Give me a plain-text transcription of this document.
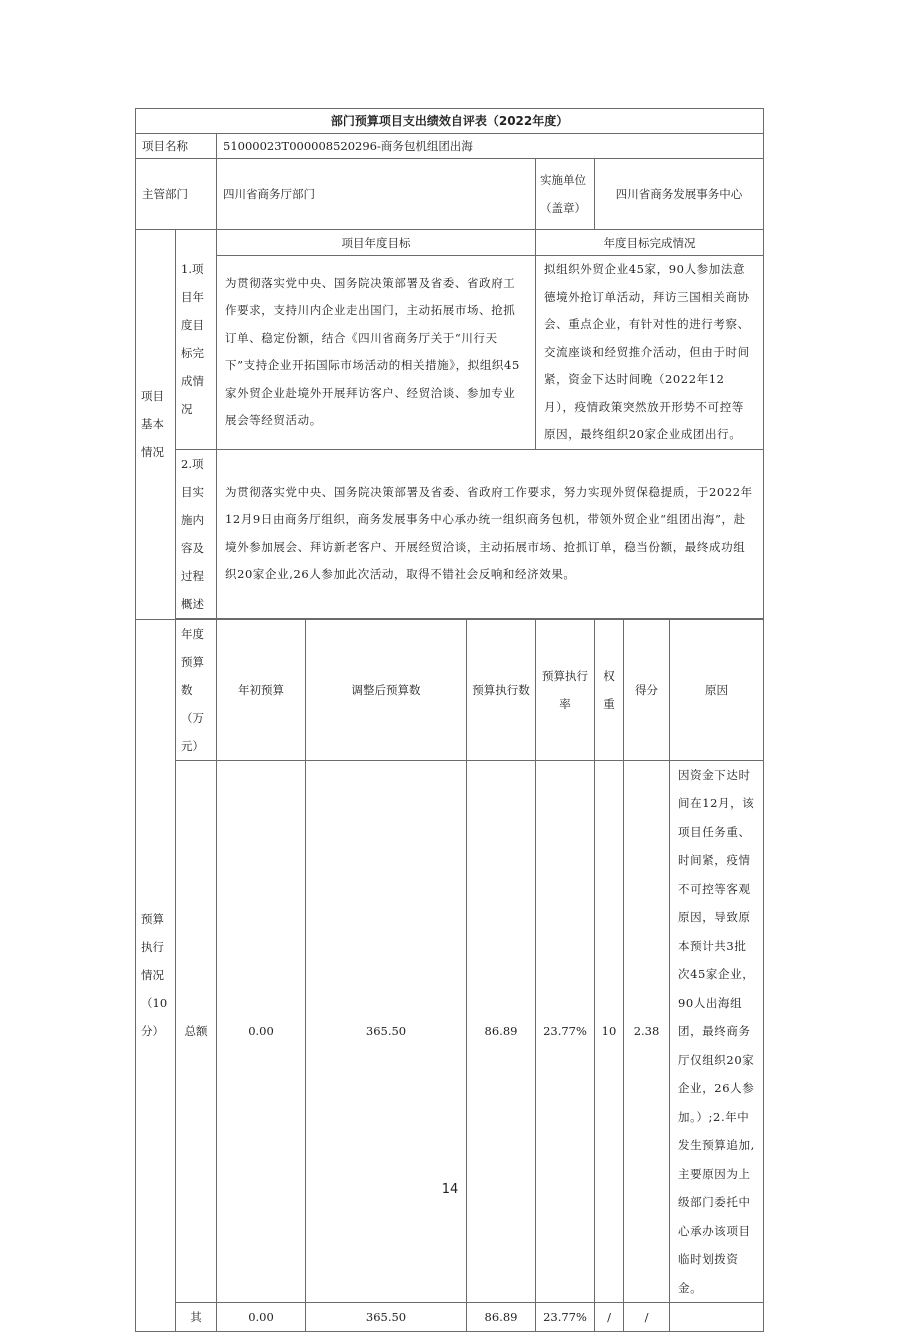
部门预算项目支出绩效自评表（2022年度）								
项目名称		51000023T000008520296-商务包机组团出海						
主管部门		四川省商务厅部门			实施单位（盖章）	四川省商务发展事务中心		
项目基本情况	1.项目年度目标完成情况	项目年度目标			年度目标完成情况			
		为贯彻落实党中央、国务院决策部署及省委、省政府工作要求，支持川内企业走出国门，主动拓展市场、抢抓订单、稳定份额，结合《四川省商务厅关于“川行天下”支持企业开拓国际市场活动的相关措施》，拟组织45家外贸企业赴境外开展拜访客户、经贸洽谈、参加专业展会等经贸活动。			拟组织外贸企业45家，90人参加法意德境外抢订单活动，拜访三国相关商协会、重点企业，有针对性的进行考察、交流座谈和经贸推介活动，但由于时间紧，资金下达时间晚（2022年12月），疫情政策突然放开形势不可控等原因，最终组织20家企业成团出行。			
	2.项目实施内容及过程概述	为贯彻落实党中央、国务院决策部署及省委、省政府工作要求，努力实现外贸保稳提质，于2022年12月9日由商务厅组织，商务发展事务中心承办统一组织商务包机，带领外贸企业“组团出海”，赴境外参加展会、拜访新老客户、开展经贸洽谈，主动拓展市场、抢抓订单，稳当份额，最终成功组织20家企业,26人参加此次活动，取得不错社会反响和经济效果。						

预算执行情况（10分）	年度预算数（万元）	年初预算	调整后预算数	预算执行数	预算执行率	权重	得分	原因
	总额	0.00	365.50	86.89	23.77%	10	2.38	因资金下达时间在12月，该项目任务重、时间紧，疫情不可控等客观原因，导致原本预计共3批次45家企业，90人出海组团，最终商务厅仅组织20家企业，26人参加。）;2.年中发生预算追加,主要原因为上级部门委托中心承办该项目临时划拨资金。
	其	0.00	365.50	86.89	23.77%	/	/	
14
